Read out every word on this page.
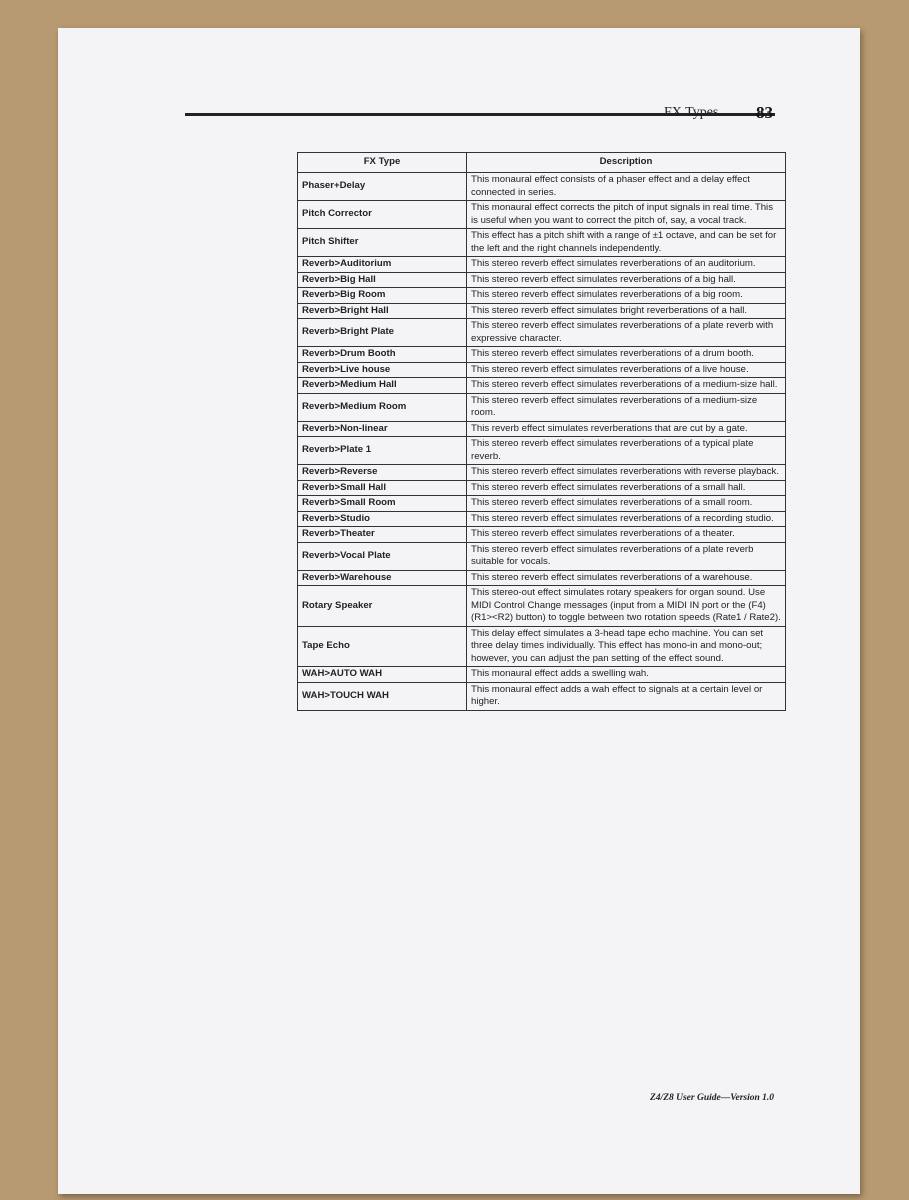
FX Types 83
FX Type	Description
Phaser+Delay	This monaural effect consists of a phaser effect and a delay effect connected in series.
Pitch Corrector	This monaural effect corrects the pitch of input signals in real time. This is useful when you want to correct the pitch of, say, a vocal track.
Pitch Shifter	This effect has a pitch shift with a range of ±1 octave, and can be set for the left and the right channels independently.
Reverb>Auditorium	This stereo reverb effect simulates reverberations of an auditorium.
Reverb>Big Hall	This stereo reverb effect simulates reverberations of a big hall.
Reverb>Big Room	This stereo reverb effect simulates reverberations of a big room.
Reverb>Bright Hall	This stereo reverb effect simulates bright reverberations of a hall.
Reverb>Bright Plate	This stereo reverb effect simulates reverberations of a plate reverb with expressive character.
Reverb>Drum Booth	This stereo reverb effect simulates reverberations of a drum booth.
Reverb>Live house	This stereo reverb effect simulates reverberations of a live house.
Reverb>Medium Hall	This stereo reverb effect simulates reverberations of a medium-size hall.
Reverb>Medium Room	This stereo reverb effect simulates reverberations of a medium-size room.
Reverb>Non-linear	This reverb effect simulates reverberations that are cut by a gate.
Reverb>Plate 1	This stereo reverb effect simulates reverberations of a typical plate reverb.
Reverb>Reverse	This stereo reverb effect simulates reverberations with reverse playback.
Reverb>Small Hall	This stereo reverb effect simulates reverberations of a small hall.
Reverb>Small Room	This stereo reverb effect simulates reverberations of a small room.
Reverb>Studio	This stereo reverb effect simulates reverberations of a recording studio.
Reverb>Theater	This stereo reverb effect simulates reverberations of a theater.
Reverb>Vocal Plate	This stereo reverb effect simulates reverberations of a plate reverb suitable for vocals.
Reverb>Warehouse	This stereo reverb effect simulates reverberations of a warehouse.
Rotary Speaker	This stereo-out effect simulates rotary speakers for organ sound. Use MIDI Control Change messages (input from a MIDI IN port or the (F4) (R1><R2) button) to toggle between two rotation speeds (Rate1 / Rate2).
Tape Echo	This delay effect simulates a 3-head tape echo machine. You can set three delay times individually. This effect has mono-in and mono-out; however, you can adjust the pan setting of the effect sound.
WAH>AUTO WAH	This monaural effect adds a swelling wah.
WAH>TOUCH WAH	This monaural effect adds a wah effect to signals at a certain level or higher.
Z4/Z8 User Guide—Version 1.0
